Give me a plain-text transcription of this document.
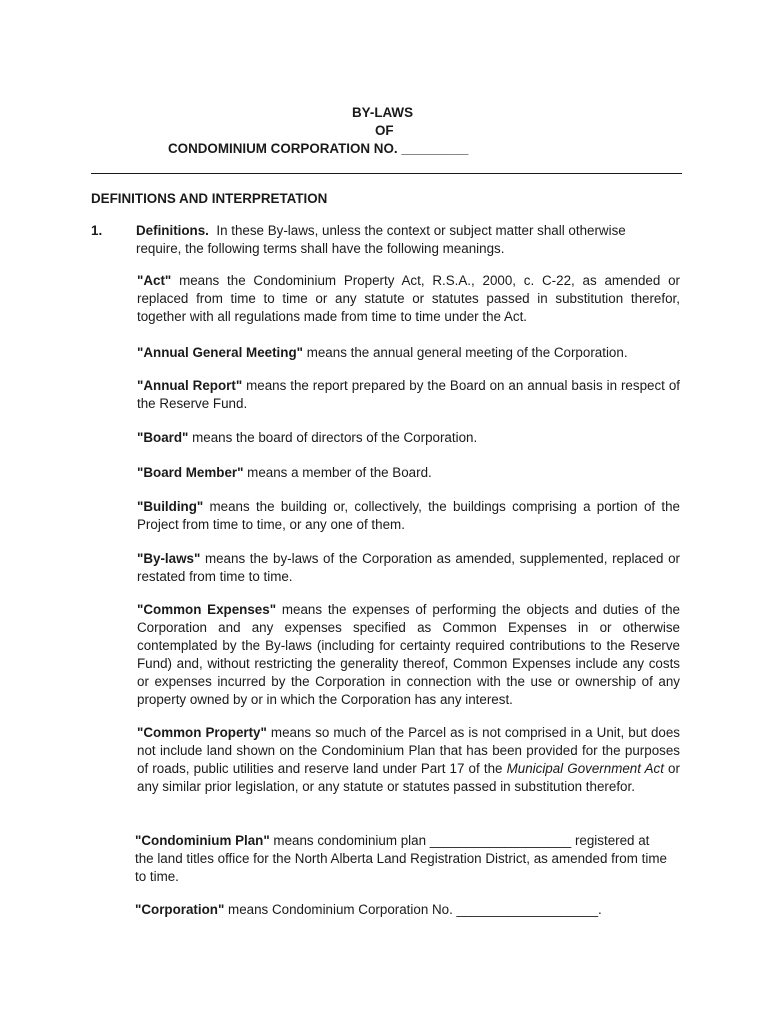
BY-LAWS
OF
CONDOMINIUM CORPORATION NO. _________
DEFINITIONS AND INTERPRETATION
1.	Definitions. In these By-laws, unless the context or subject matter shall otherwise require, the following terms shall have the following meanings.
"Act" means the Condominium Property Act, R.S.A., 2000, c. C-22, as amended or replaced from time to time or any statute or statutes passed in substitution therefor, together with all regulations made from time to time under the Act.
"Annual General Meeting" means the annual general meeting of the Corporation.
"Annual Report" means the report prepared by the Board on an annual basis in respect of the Reserve Fund.
"Board" means the board of directors of the Corporation.
"Board Member" means a member of the Board.
"Building" means the building or, collectively, the buildings comprising a portion of the Project from time to time, or any one of them.
"By-laws" means the by-laws of the Corporation as amended, supplemented, replaced or restated from time to time.
"Common Expenses" means the expenses of performing the objects and duties of the Corporation and any expenses specified as Common Expenses in or otherwise contemplated by the By-laws (including for certainty required contributions to the Reserve Fund) and, without restricting the generality thereof, Common Expenses include any costs or expenses incurred by the Corporation in connection with the use or ownership of any property owned by or in which the Corporation has any interest.
"Common Property" means so much of the Parcel as is not comprised in a Unit, but does not include land shown on the Condominium Plan that has been provided for the purposes of roads, public utilities and reserve land under Part 17 of the Municipal Government Act or any similar prior legislation, or any statute or statutes passed in substitution therefor.
"Condominium Plan" means condominium plan ___________________ registered at the land titles office for the North Alberta Land Registration District, as amended from time to time.
"Corporation" means Condominium Corporation No. ___________________.
